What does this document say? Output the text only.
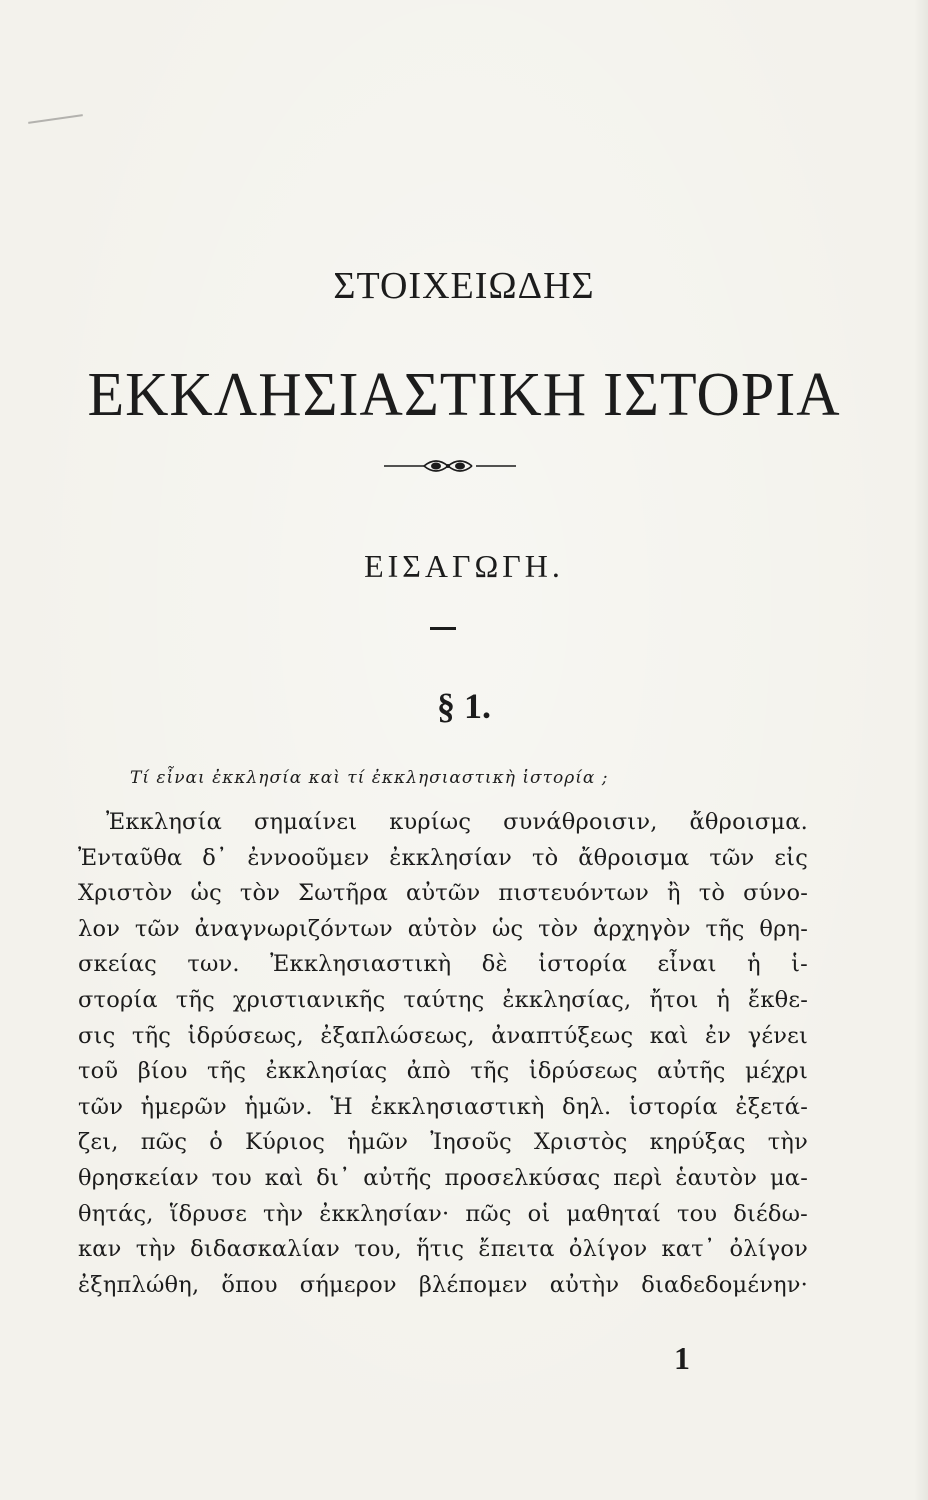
ΣΤΟΙΧΕΙΩΔΗΣ
ΕΚΚΛΗΣΙΑΣΤΙΚΗ ΙΣΤΟΡΙΑ
ΕΙΣΑΓΩΓΗ.
§ 1.
Τί εἶναι ἐκκλησία καὶ τί ἐκκλησιαστικὴ ἱστορία ;
Ἐκκλησία σημαίνει κυρίως συνάθροισιν, ἄθροισμα.
Ἐνταῦθα δ᾽ ἐννοοῦμεν ἐκκλησίαν τὸ ἄθροισμα τῶν εἰς
Χριστὸν ὡς τὸν Σωτῆρα αὐτῶν πιστευόντων ἢ τὸ σύνο-
λον τῶν ἀναγνωριζόντων αὐτὸν ὡς τὸν ἀρχηγὸν τῆς θρη-
σκείας των. Ἐκκλησιαστικὴ δὲ ἱστορία εἶναι ἡ ἱ-
στορία τῆς χριστιανικῆς ταύτης ἐκκλησίας, ἤτοι ἡ ἔκθε-
σις τῆς ἱδρύσεως, ἐξαπλώσεως, ἀναπτύξεως καὶ ἐν γένει
τοῦ βίου τῆς ἐκκλησίας ἀπὸ τῆς ἱδρύσεως αὐτῆς μέχρι
τῶν ἡμερῶν ἡμῶν. Ἡ ἐκκλησιαστικὴ δηλ. ἱστορία ἐξετά-
ζει, πῶς ὁ Κύριος ἡμῶν Ἰησοῦς Χριστὸς κηρύξας τὴν
θρησκείαν του καὶ δι᾽ αὐτῆς προσελκύσας περὶ ἑαυτὸν μα-
θητάς, ἵδρυσε τὴν ἐκκλησίαν· πῶς οἱ μαθηταί του διέδω-
καν τὴν διδασκαλίαν του, ἥτις ἔπειτα ὀλίγον κατ᾽ ὀλίγον
ἐξηπλώθη, ὅπου σήμερον βλέπομεν αὐτὴν διαδεδομένην·
1
